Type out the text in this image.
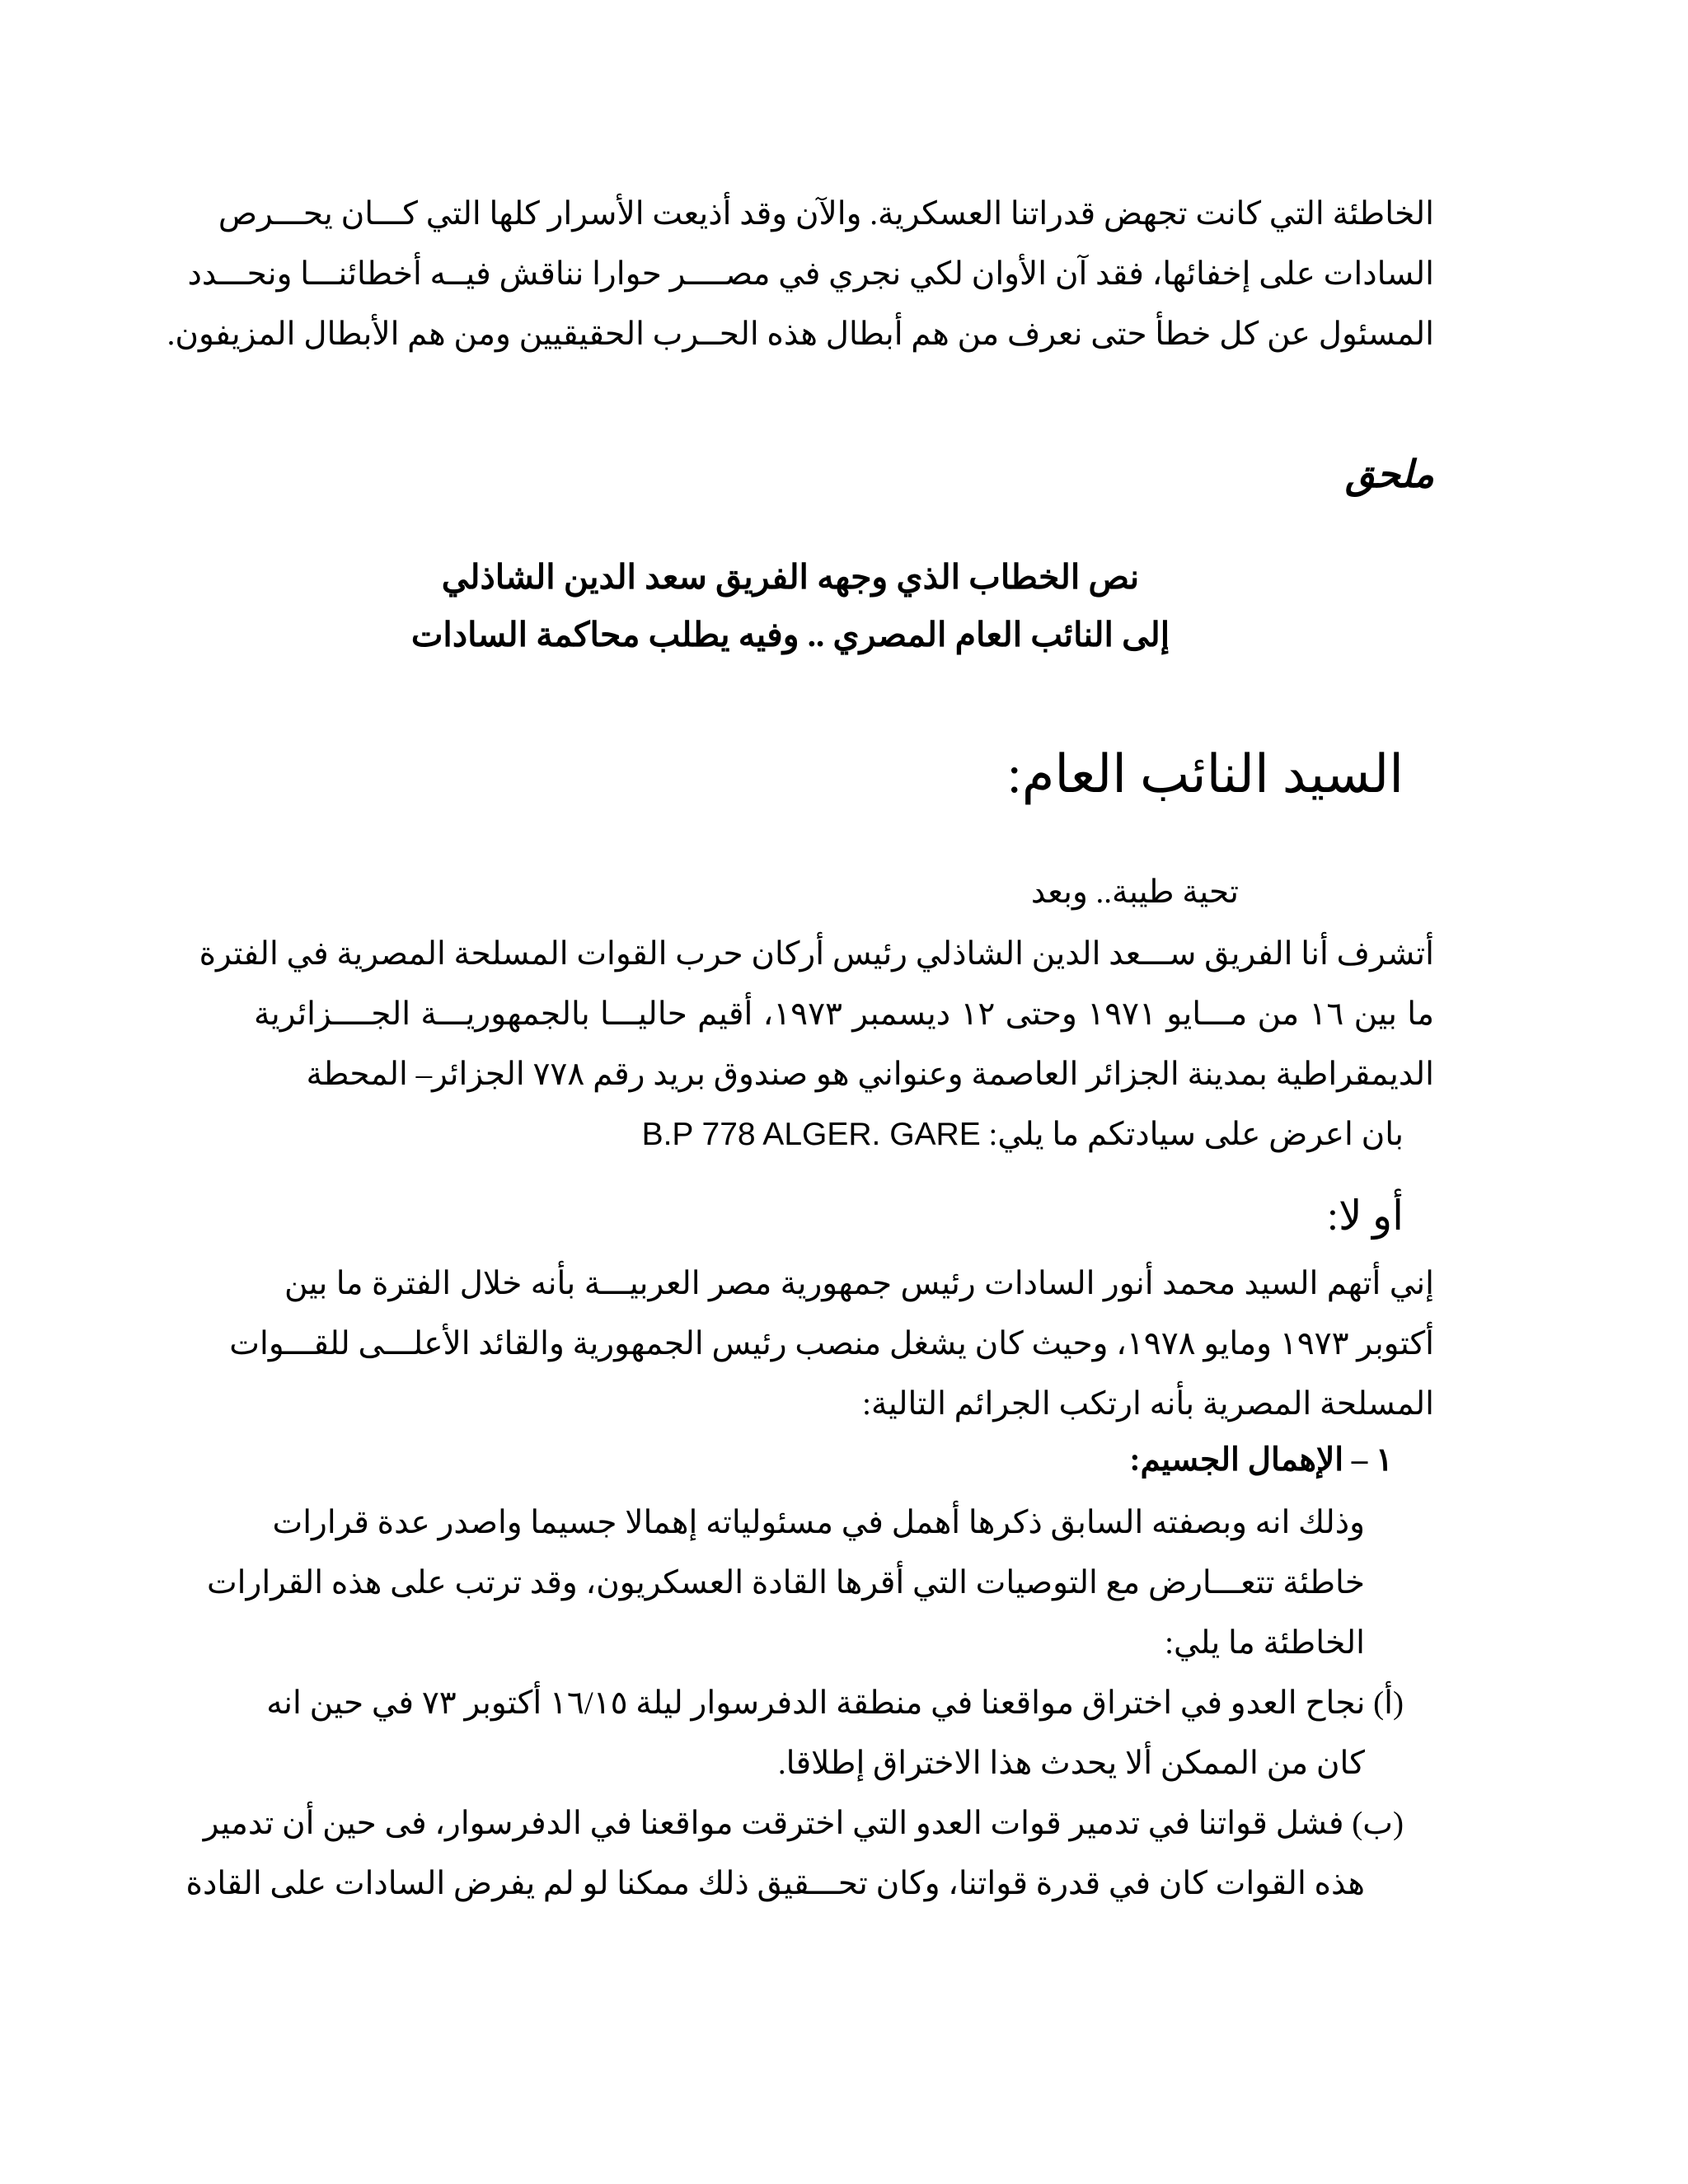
الخاطئة التي كانت تجهض قدراتنا العسكرية. والآن وقد أذيعت الأسرار كلها التي كـــان يحـــرص
السادات على إخفائها، فقد آن الأوان لكي نجري في مصــــر حوارا نناقش فيــه أخطائنـــا ونحـــدد
المسئول عن كل خطأ حتى نعرف من هم أبطال هذه الحــرب الحقيقيين ومن هم الأبطال المزيفون.
ملحق
نص الخطاب الذي وجهه الفريق سعد الدين الشاذلي
إلى النائب العام المصري .. وفيه يطلب محاكمة السادات
السيد النائب العام:
تحية طيبة.. وبعد
أتشرف أنا الفريق ســـعد الدين الشاذلي رئيس أركان حرب القوات المسلحة المصرية في الفترة
ما بين ١٦ من مـــايو ١٩٧١ وحتى ١٢ ديسمبر ١٩٧٣، أقيم حاليـــا بالجمهوريـــة الجــــزائرية
الديمقراطية بمدينة الجزائر العاصمة وعنواني هو صندوق بريد رقم ٧٧٨ الجزائر– المحطة
بان اعرض على سيادتكم ما يلي: B.P 778 ALGER. GARE
أو لا:
إني أتهم السيد محمد أنور السادات رئيس جمهورية مصر العربيـــة بأنه خلال الفترة ما بين
أكتوبر ١٩٧٣ ومايو ١٩٧٨، وحيث كان يشغل منصب رئيس الجمهورية والقائد الأعلـــى للقـــوات
المسلحة المصرية بأنه ارتكب الجرائم التالية:
١ – الإهمال الجسيم:
وذلك انه وبصفته السابق ذكرها أهمل في مسئولياته إهمالا جسيما واصدر عدة قرارات
خاطئة تتعـــارض مع التوصيات التي أقرها القادة العسكريون، وقد ترتب على هذه القرارات
الخاطئة ما يلي:
(أ) نجاح العدو في اختراق مواقعنا في منطقة الدفرسوار ليلة ١٦/١٥ أكتوبر ٧٣ في حين انه
كان من الممكن ألا يحدث هذا الاختراق إطلاقا.
(ب) فشل قواتنا في تدمير قوات العدو التي اخترقت مواقعنا في الدفرسوار، فى حين أن تدمير
هذه القوات كان في قدرة قواتنا، وكان تحـــقيق ذلك ممكنا لو لم يفرض السادات على القادة
